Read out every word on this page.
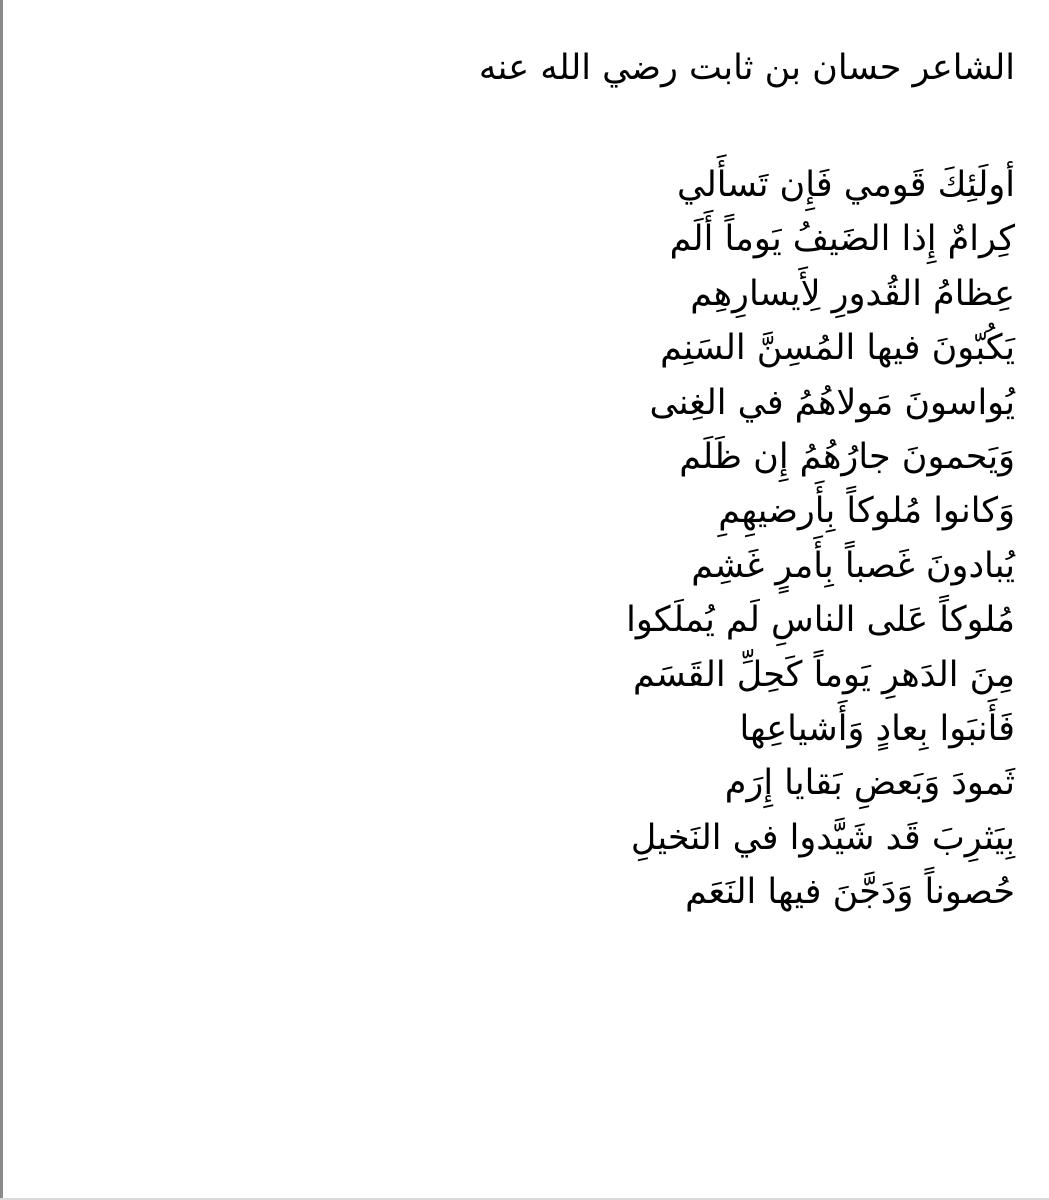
الشاعر حسان بن ثابت رضي الله عنه
أولَئِكَ قَومي فَإِن تَسأَلي
كِرامٌ إِذا الضَيفُ يَوماً أَلَم
عِظامُ القُدورِ لِأَيسارِهِم
يَكُبّونَ فيها المُسِنَّ السَنِم
يُواسونَ مَولاهُمُ في الغِنى
وَيَحمونَ جارُهُمُ إِن ظَلَم
وَكانوا مُلوكاً بِأَرضيهِمِ
يُبادونَ غَصباً بِأَمرٍ غَشِم
مُلوكاً عَلى الناسِ لَم يُملَكوا
مِنَ الدَهرِ يَوماً كَحِلِّ القَسَم
فَأَنبَوا بِعادٍ وَأَشياعِها
ثَمودَ وَبَعضِ بَقايا إِرَم
بِيَثرِبَ قَد شَيَّدوا في النَخيلِ
حُصوناً وَدَجَّنَ فيها النَعَم
